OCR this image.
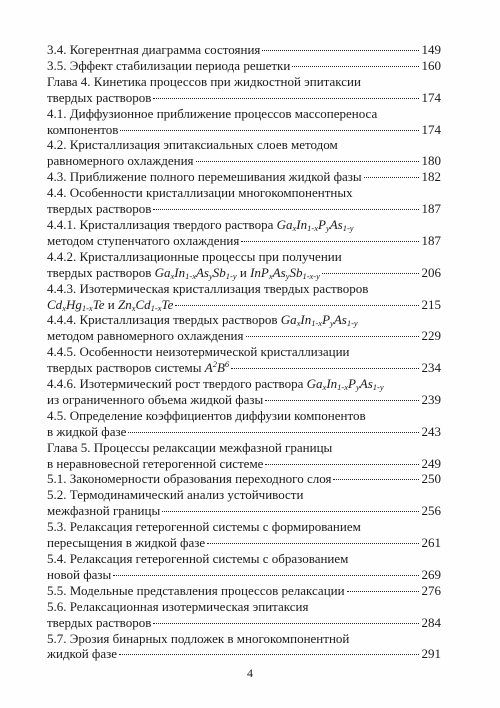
3.4. Когерентная диаграмма состояния	149
3.5. Эффект стабилизации периода решетки	160
Глава 4. Кинетика процессов при жидкостной эпитаксии
твердых растворов	174
4.1. Диффузионное приближение процессов массопереноса
компонентов	174
4.2. Кристаллизация эпитаксиальных слоев методом
равномерного охлаждения	180
4.3. Приближение полного перемешивания жидкой фазы	182
4.4. Особенности кристаллизации многокомпонентных
твердых растворов	187
4.4.1. Кристаллизация твердого раствора $Ga_xIn_{1-x}P_yAs_{1-y}$
методом ступенчатого охлаждения	187
4.4.2. Кристаллизационные процессы при получении
твердых растворов $Ga_xIn_{1-x}As_ySb_{1-y}$ и $InP_xAs_ySb_{1-x-y}$	206
4.4.3. Изотермическая кристаллизация твердых растворов
$Cd_xHg_{1-x}Te$ и $Zn_xCd_{1-x}Te$	215
4.4.4. Кристаллизация твердых растворов $Ga_xIn_{1-x}P_yAs_{1-y}$
методом равномерного охлаждения	229
4.4.5. Особенности неизотермической кристаллизации
твердых растворов системы $A^2B^6$	234
4.4.6. Изотермический рост твердого раствора $Ga_xIn_{1-x}P_yAs_{1-y}$
из ограниченного объема жидкой фазы	239
4.5. Определение коэффициентов диффузии компонентов
в жидкой фазе	243
Глава 5. Процессы релаксации межфазной границы
в неравновесной гетерогенной системе	249
5.1. Закономерности образования переходного слоя	250
5.2. Термодинамический анализ устойчивости
межфазной границы	256
5.3. Релаксация гетерогенной системы с формированием
пересыщения в жидкой фазе	261
5.4. Релаксация гетерогенной системы с образованием
новой фазы	269
5.5. Модельные представления процессов релаксации	276
5.6. Релаксационная изотермическая эпитаксия
твердых растворов	284
5.7. Эрозия бинарных подложек в многокомпонентной
жидкой фазе	291
4
